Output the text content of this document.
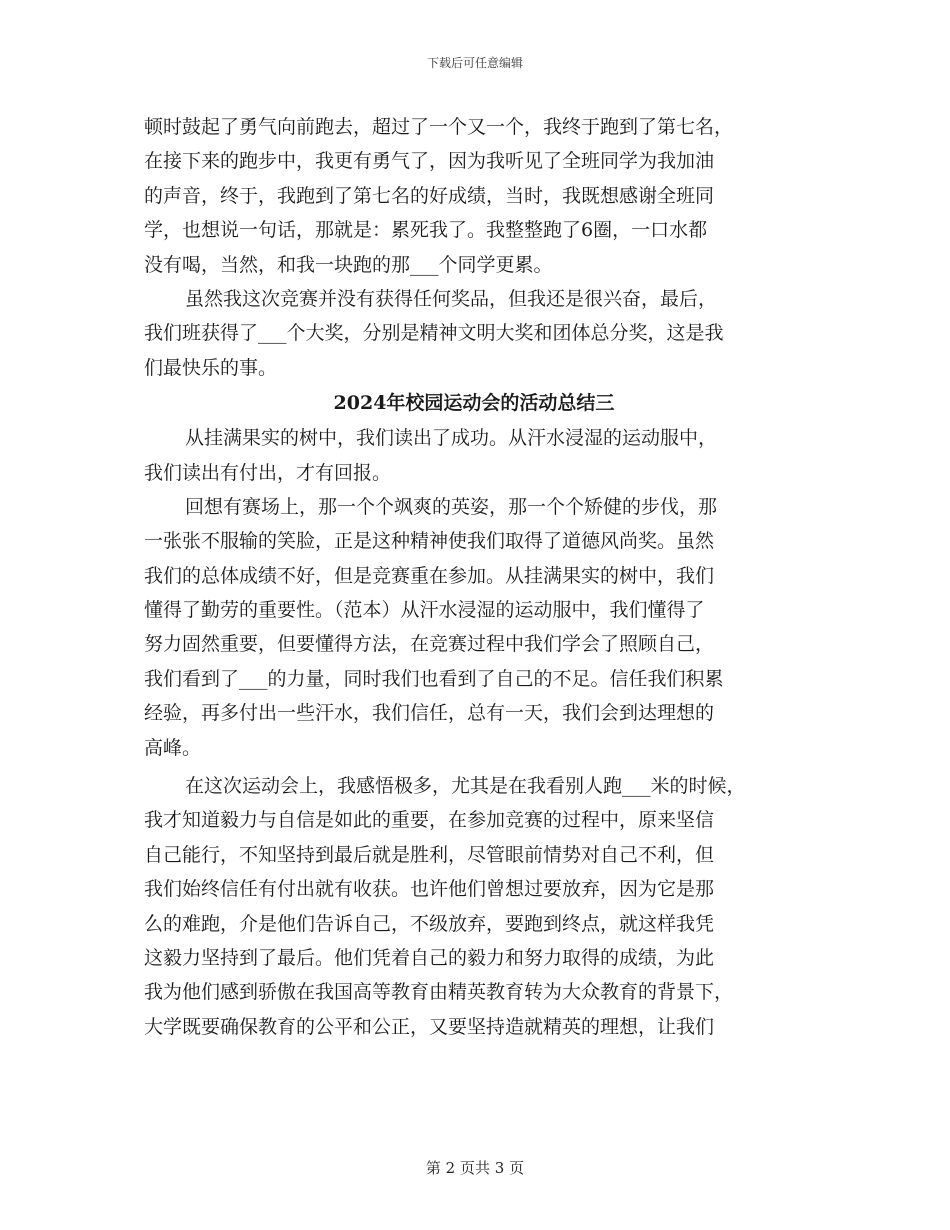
下载后可任意编辑
顿时鼓起了勇气向前跑去，超过了一个又一个，我终于跑到了第七名，
在接下来的跑步中，我更有勇气了，因为我听见了全班同学为我加油
的声音，终于，我跑到了第七名的好成绩，当时，我既想感谢全班同
学，也想说一句话，那就是：累死我了。我整整跑了6圈，一口水都
没有喝，当然，和我一块跑的那___个同学更累。
虽然我这次竞赛并没有获得任何奖品，但我还是很兴奋，最后，
我们班获得了___个大奖，分别是精神文明大奖和团体总分奖，这是我
们最快乐的事。
2024年校园运动会的活动总结三
从挂满果实的树中，我们读出了成功。从汗水浸湿的运动服中，
我们读出有付出，才有回报。
回想有赛场上，那一个个飒爽的英姿，那一个个矫健的步伐，那
一张张不服输的笑脸，正是这种精神使我们取得了道德风尚奖。虽然
我们的总体成绩不好，但是竞赛重在参加。从挂满果实的树中，我们
懂得了勤劳的重要性。（范本）从汗水浸湿的运动服中，我们懂得了
努力固然重要，但要懂得方法，在竞赛过程中我们学会了照顾自己，
我们看到了___的力量，同时我们也看到了自己的不足。信任我们积累
经验，再多付出一些汗水，我们信任，总有一天，我们会到达理想的
高峰。
在这次运动会上，我感悟极多，尤其是在我看别人跑___米的时候，
我才知道毅力与自信是如此的重要，在参加竞赛的过程中，原来坚信
自己能行，不知坚持到最后就是胜利，尽管眼前情势对自己不利，但
我们始终信任有付出就有收获。也许他们曾想过要放弃，因为它是那
么的难跑，介是他们告诉自己，不级放弃，要跑到终点，就这样我凭
这毅力坚持到了最后。他们凭着自己的毅力和努力取得的成绩，为此
我为他们感到骄傲在我国高等教育由精英教育转为大众教育的背景下，
大学既要确保教育的公平和公正，又要坚持造就精英的理想，让我们
第 2 页共 3 页
